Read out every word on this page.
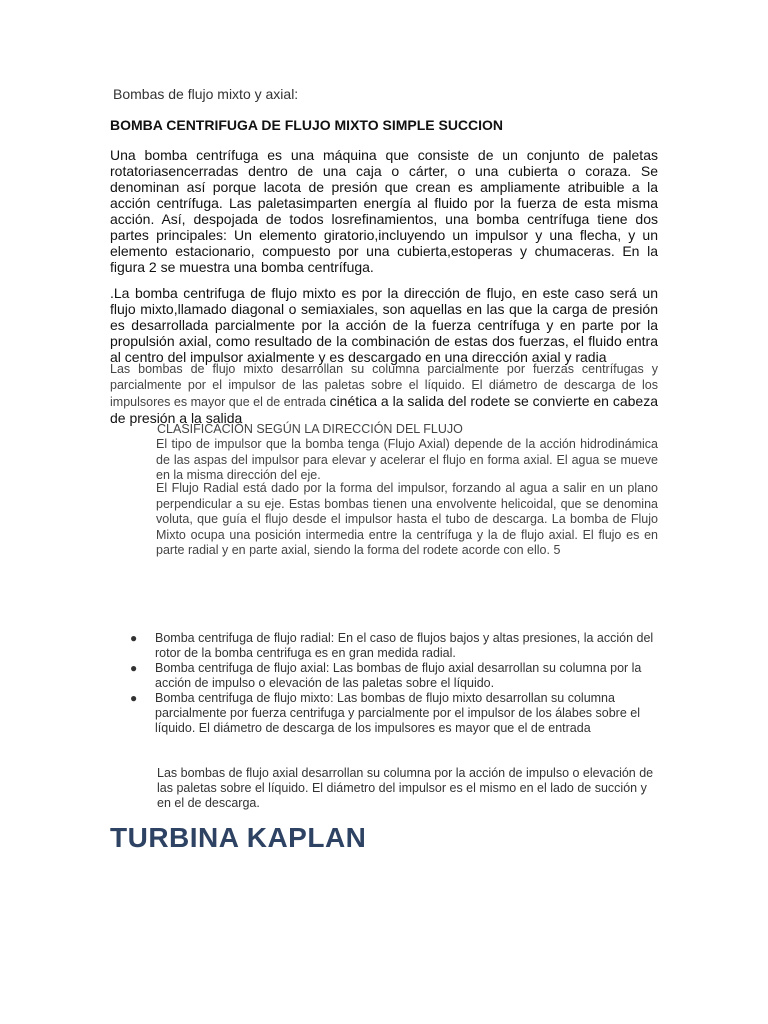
Bombas de flujo mixto y axial:

BOMBA CENTRIFUGA DE FLUJO MIXTO SIMPLE SUCCION

Una bomba centrífuga es una máquina que consiste de un conjunto de paletas rotatoriasencerradas dentro de una caja o cárter, o una cubierta o coraza. Se denominan así porque lacota de presión que crean es ampliamente atribuible a la acción centrífuga. Las paletasimparten energía al fluido por la fuerza de esta misma acción. Así, despojada de todos losrefinamientos, una bomba centrífuga tiene dos partes principales: Un elemento giratorio,incluyendo un impulsor y una flecha, y un elemento estacionario, compuesto por una cubierta,estoperas y chumaceras. En la figura 2 se muestra una bomba centrífuga.

.La bomba centrifuga de flujo mixto es por la dirección de flujo, en este caso será un flujo mixto,llamado diagonal o semiaxiales, son aquellas en las que la carga de presión es desarrollada parcialmente por la acción de la fuerza centrífuga y en parte por la propulsión axial, como resultado de la combinación de estas dos fuerzas, el fluido entra al centro del impulsor axialmente y es descargado en una dirección axial y radia

Las bombas de flujo mixto desarrollan su columna parcialmente por fuerzas centrífugas y parcialmente por el impulsor de las paletas sobre el líquido. El diámetro de descarga de los impulsores es mayor que el de entrada cinética a la salida del rodete se convierte en cabeza de presión a la salida

CLASIFICACIÓN SEGÚN LA DIRECCIÓN DEL FLUJO

El tipo de impulsor que la bomba tenga (Flujo Axial) depende de la acción hidrodinámica de las aspas del impulsor para elevar y acelerar el flujo en forma axial. El agua se mueve en la misma dirección del eje.

El Flujo Radial está dado por la forma del impulsor, forzando al agua a salir en un plano perpendicular a su eje. Estas bombas tienen una envolvente helicoidal, que se denomina voluta, que guía el flujo desde el impulsor hasta el tubo de descarga. La bomba de Flujo Mixto ocupa una posición intermedia entre la centrífuga y la de flujo axial. El flujo es en parte radial y en parte axial, siendo la forma del rodete acorde con ello. 5

● Bomba centrifuga de flujo radial: En el caso de flujos bajos y altas presiones, la acción del rotor de la bomba centrifuga es en gran medida radial.
● Bomba centrifuga de flujo axial: Las bombas de flujo axial desarrollan su columna por la acción de impulso o elevación de las paletas sobre el líquido.
● Bomba centrifuga de flujo mixto: Las bombas de flujo mixto desarrollan su columna parcialmente por fuerza centrifuga y parcialmente por el impulsor de los álabes sobre el líquido. El diámetro de descarga de los impulsores es mayor que el de entrada

Las bombas de flujo axial desarrollan su columna por la acción de impulso o elevación de las paletas sobre el líquido. El diámetro del impulsor es el mismo en el lado de succión y en el de descarga.

TURBINA KAPLAN
